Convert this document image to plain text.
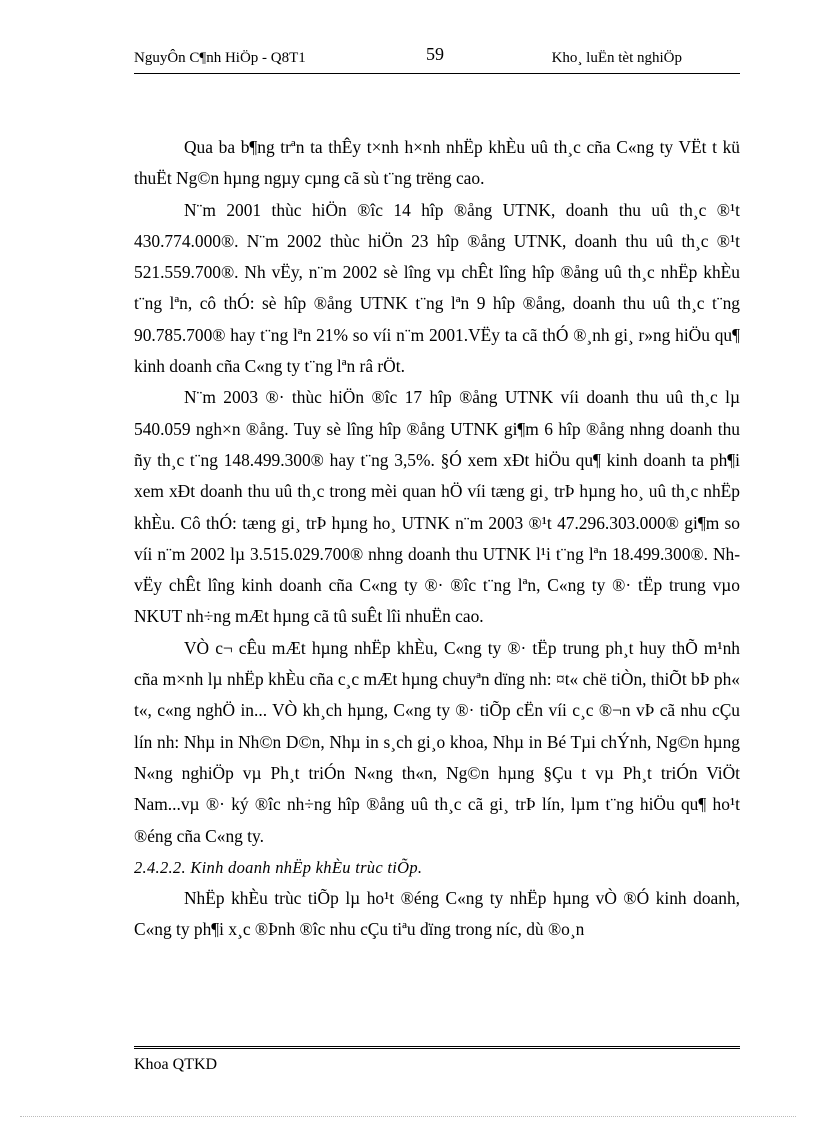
NguyÔn C¶nh HiÖp - Q8T1	59	Kho¸ luËn tèt nghiÖp

Qua ba b¶ng trªn ta thÊy t×nh h×nh nhËp khÈu uû th¸c cña C«ng ty VËt t kü thuËt Ng©n hµng ngµy cµng cã sù t¨ng trëng cao.

N¨m 2001 thùc hiÖn ®îc 14 hîp ®ång UTNK, doanh thu uû th¸c ®¹t 430.774.000®. N¨m 2002 thùc hiÖn 23 hîp ®ång UTNK, doanh thu uû th¸c ®¹t 521.559.700®. Nh vËy, n¨m 2002 sè lîng vµ chÊt lîng hîp ®ång uû th¸c nhËp khÈu t¨ng lªn, cô thÓ: sè hîp ®ång UTNK t¨ng lªn 9 hîp ®ång, doanh thu uû th¸c t¨ng 90.785.700® hay t¨ng lªn 21% so víi n¨m 2001.VËy ta cã thÓ ®¸nh gi¸ r»ng hiÖu qu¶ kinh doanh cña C«ng ty t¨ng lªn râ rÖt.

N¨m 2003 ®· thùc hiÖn ®îc 17 hîp ®ång UTNK víi doanh thu uû th¸c lµ 540.059 ngh×n ®ång. Tuy sè lîng hîp ®ång UTNK gi¶m 6 hîp ®ång nhng doanh thu ñy th¸c t¨ng 148.499.300® hay t¨ng 3,5%. §Ó xem xÐt hiÖu qu¶ kinh doanh ta ph¶i xem xÐt doanh thu uû th¸c trong mèi quan hÖ víi tæng gi¸ trÞ hµng ho¸ uû th¸c nhËp khÈu. Cô thÓ: tæng gi¸ trÞ hµng ho¸ UTNK n¨m 2003 ®¹t 47.296.303.000® gi¶m so víi n¨m 2002 lµ 3.515.029.700® nhng doanh thu UTNK l¹i t¨ng lªn 18.499.300®. Nh vËy chÊt lîng kinh doanh cña C«ng ty ®· ®îc t¨ng lªn, C«ng ty ®· tËp trung vµo NKUT nh÷ng mÆt hµng cã tû suÊt lîi nhuËn cao.

VÒ c¬ cÊu mÆt hµng nhËp khÈu, C«ng ty ®· tËp trung ph¸t huy thÕ m¹nh cña m×nh lµ nhËp khÈu cña c¸c mÆt hµng chuyªn dïng nh: ¤t« chë tiÒn, thiÕt bÞ ph« t«, c«ng nghÖ in... VÒ kh¸ch hµng, C«ng ty ®· tiÕp cËn víi c¸c ®¬n vÞ cã nhu cÇu lín nh: Nhµ in Nh©n D©n, Nhµ in s¸ch gi¸o khoa, Nhµ in Bé Tµi chÝnh, Ng©n hµng N«ng nghiÖp vµ Ph¸t triÓn N«ng th«n, Ng©n hµng §Çu t vµ Ph¸t triÓn ViÖt Nam...vµ ®· ký ®îc nh÷ng hîp ®ång uû th¸c cã gi¸ trÞ lín, lµm t¨ng hiÖu qu¶ ho¹t ®éng cña C«ng ty.

2.4.2.2. Kinh doanh nhËp khÈu trùc tiÕp.

NhËp khÈu trùc tiÕp lµ ho¹t ®éng C«ng ty nhËp hµng vÒ ®Ó kinh doanh, C«ng ty ph¶i x¸c ®Þnh ®îc nhu cÇu tiªu dïng trong níc, dù ®o¸n

Khoa QTKD
